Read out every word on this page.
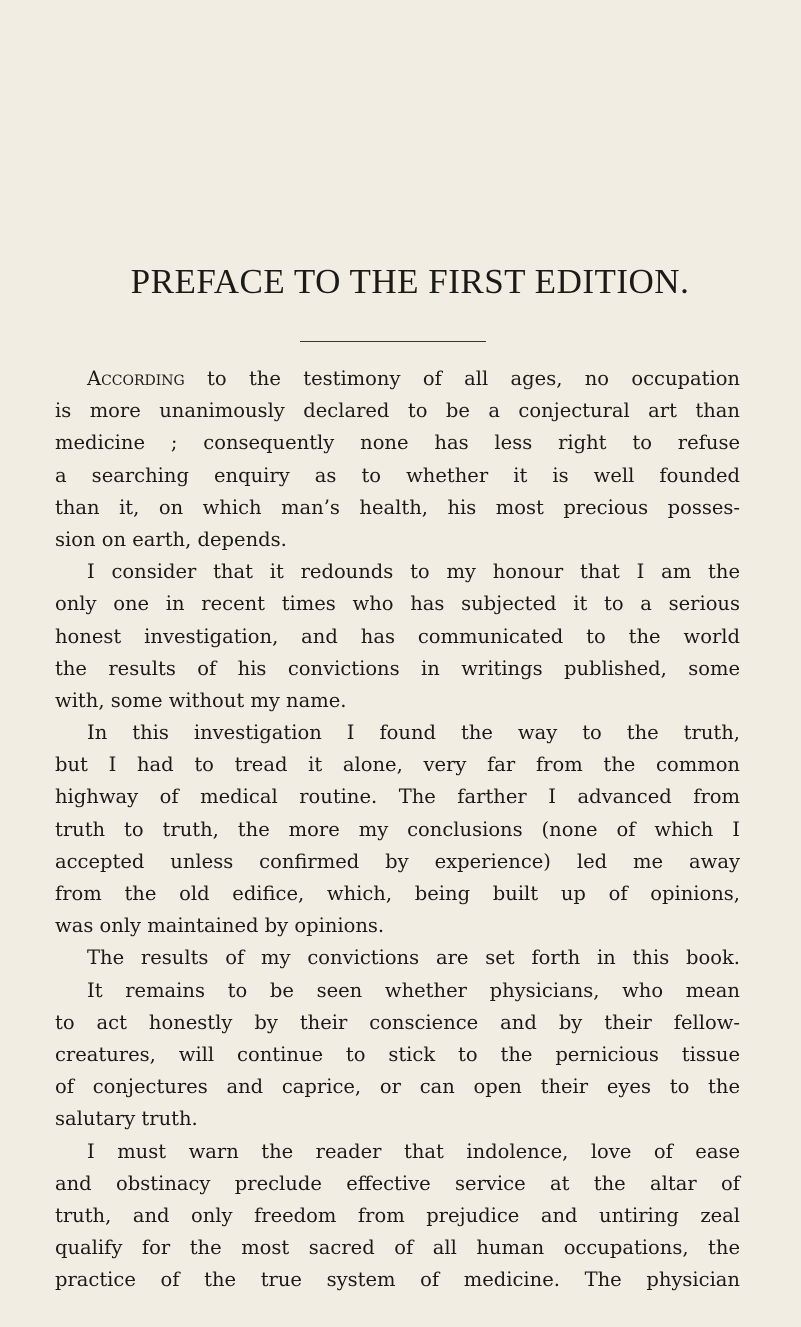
PREFACE TO THE FIRST EDITION.
According to the testimony of all ages, no occupation
is more unanimously declared to be a conjectural art than
medicine ; consequently none has less right to refuse
a searching enquiry as to whether it is well founded
than it, on which man’s health, his most precious posses-
sion on earth, depends.
I consider that it redounds to my honour that I am the
only one in recent times who has subjected it to a serious
honest investigation, and has communicated to the world
the results of his convictions in writings published, some
with, some without my name.
In this investigation I found the way to the truth,
but I had to tread it alone, very far from the common
highway of medical routine. The farther I advanced from
truth to truth, the more my conclusions (none of which I
accepted unless confirmed by experience) led me away
from the old edifice, which, being built up of opinions,
was only maintained by opinions.
The results of my convictions are set forth in this book.
It remains to be seen whether physicians, who mean
to act honestly by their conscience and by their fellow-
creatures, will continue to stick to the pernicious tissue
of conjectures and caprice, or can open their eyes to the
salutary truth.
I must warn the reader that indolence, love of ease
and obstinacy preclude effective service at the altar of
truth, and only freedom from prejudice and untiring zeal
qualify for the most sacred of all human occupations, the
practice of the true system of medicine. The physician
